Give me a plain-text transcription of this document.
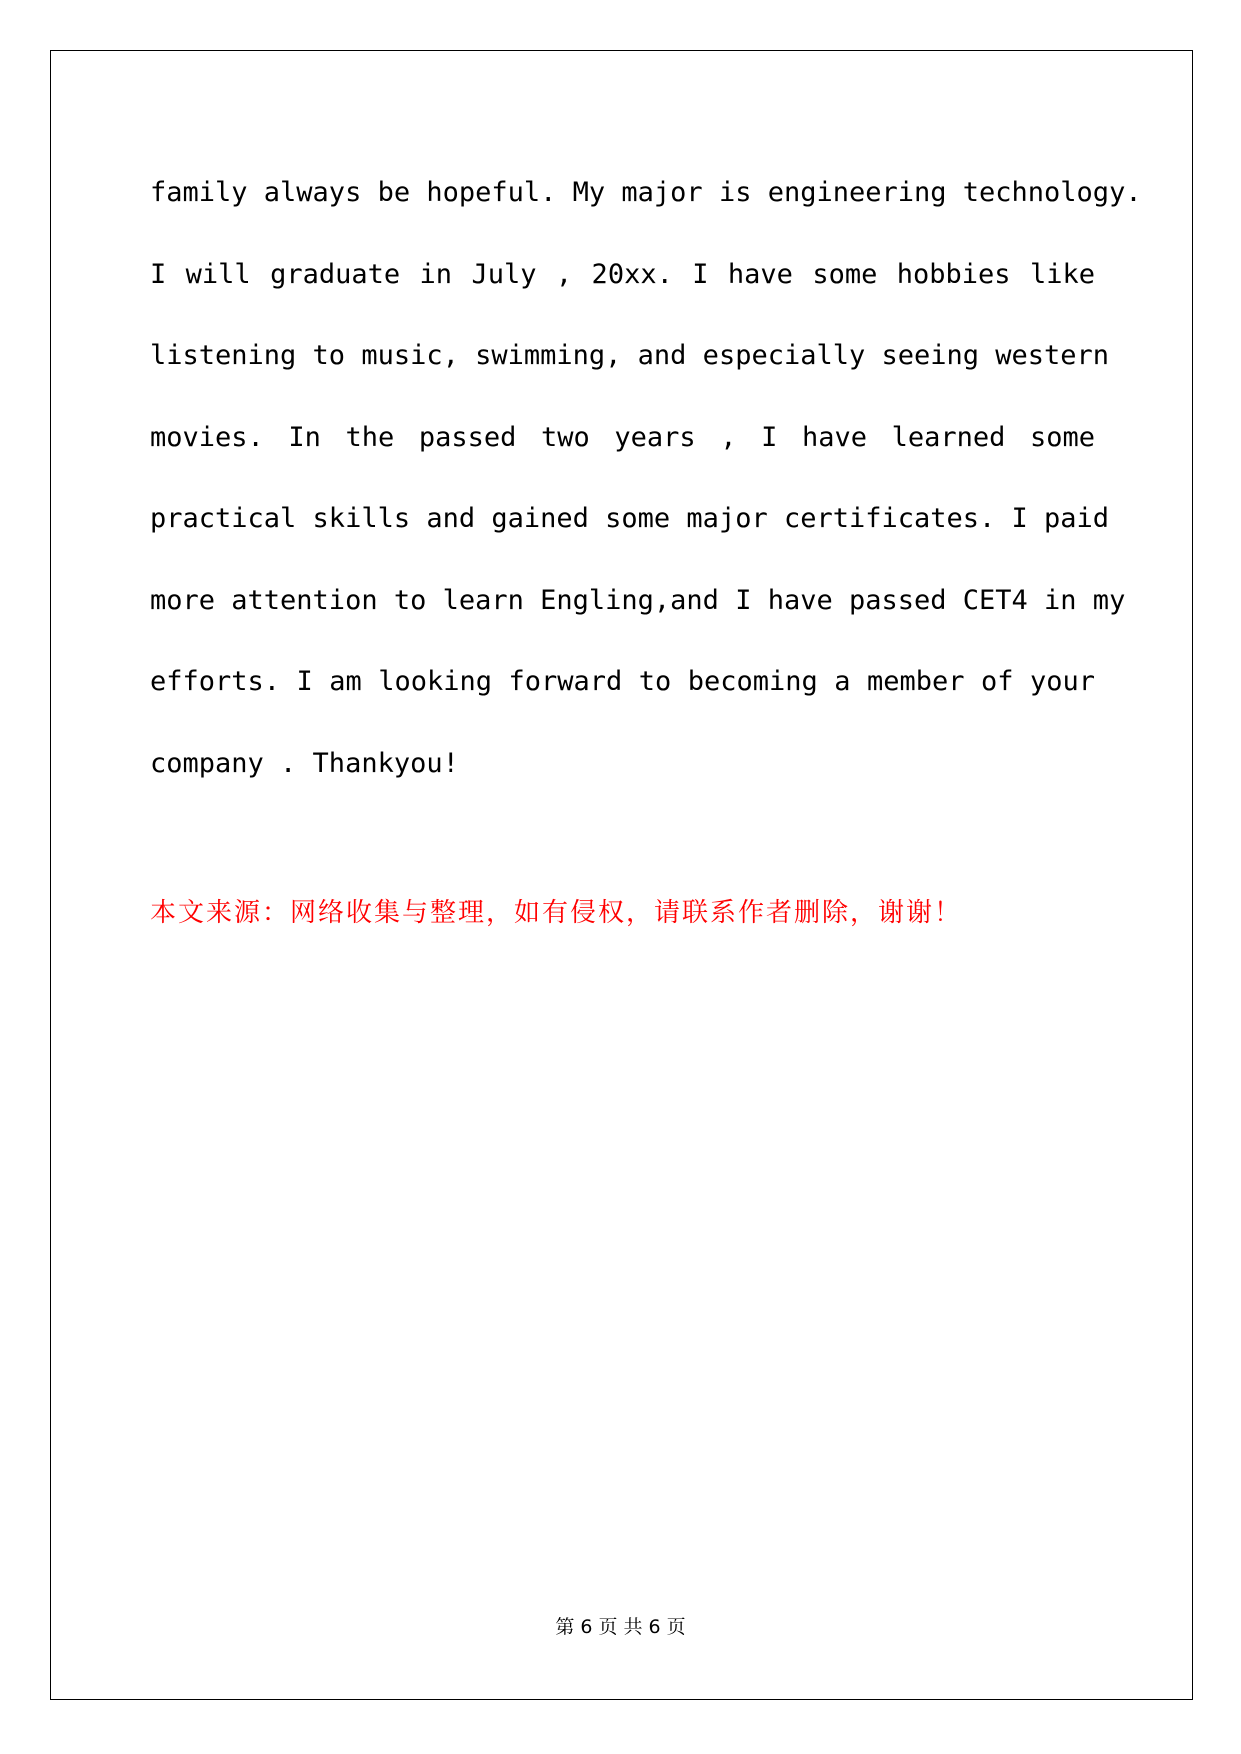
family always be hopeful. My major is engineering technology.
I will graduate in July , 20xx. I have some hobbies like
listening to music, swimming, and especially seeing western
movies. In the passed two years , I have learned some
practical skills and gained some major certificates. I paid
more attention to learn Engling,and I have passed CET4 in my
efforts. I am looking forward to becoming a member of your
company . Thankyou!
本文来源：网络收集与整理，如有侵权，请联系作者删除，谢谢！
第 6 页 共 6 页
